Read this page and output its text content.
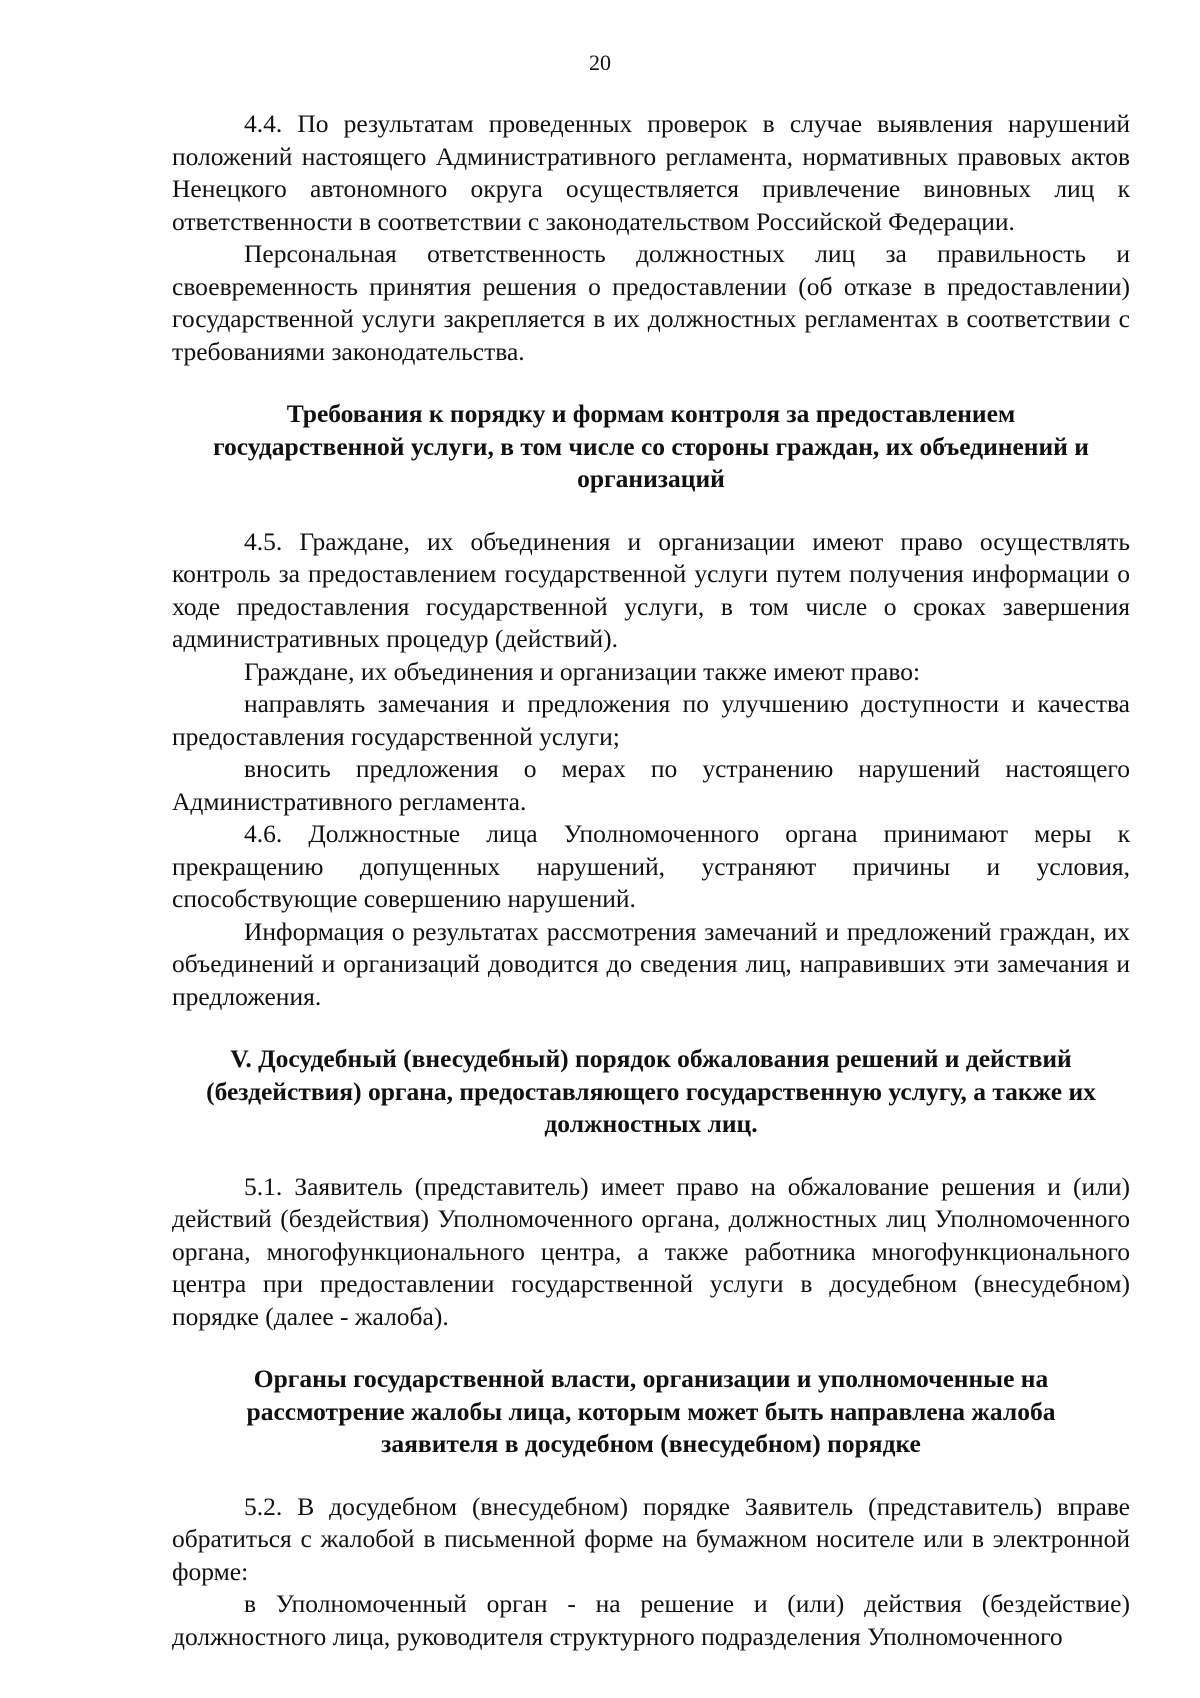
20

4.4. По результатам проведенных проверок в случае выявления нарушений положений настоящего Административного регламента, нормативных правовых актов Ненецкого автономного округа осуществляется привлечение виновных лиц к ответственности в соответствии с законодательством Российской Федерации.

Персональная ответственность должностных лиц за правильность и своевременность принятия решения о предоставлении (об отказе в предоставлении) государственной услуги закрепляется в их должностных регламентах в соответствии с требованиями законодательства.

Требования к порядку и формам контроля за предоставлением государственной услуги, в том числе со стороны граждан, их объединений и организаций

4.5. Граждане, их объединения и организации имеют право осуществлять контроль за предоставлением государственной услуги путем получения информации о ходе предоставления государственной услуги, в том числе о сроках завершения административных процедур (действий).

Граждане, их объединения и организации также имеют право:

направлять замечания и предложения по улучшению доступности и качества предоставления государственной услуги;

вносить предложения о мерах по устранению нарушений настоящего Административного регламента.

4.6. Должностные лица Уполномоченного органа принимают меры к прекращению допущенных нарушений, устраняют причины и условия, способствующие совершению нарушений.

Информация о результатах рассмотрения замечаний и предложений граждан, их объединений и организаций доводится до сведения лиц, направивших эти замечания и предложения.

V. Досудебный (внесудебный) порядок обжалования решений и действий (бездействия) органа, предоставляющего государственную услугу, а также их должностных лиц.

5.1. Заявитель (представитель) имеет право на обжалование решения и (или) действий (бездействия) Уполномоченного органа, должностных лиц Уполномоченного органа, многофункционального центра, а также работника многофункционального центра при предоставлении государственной услуги в досудебном (внесудебном) порядке (далее - жалоба).

Органы государственной власти, организации и уполномоченные на рассмотрение жалобы лица, которым может быть направлена жалоба заявителя в досудебном (внесудебном) порядке

5.2. В досудебном (внесудебном) порядке Заявитель (представитель) вправе обратиться с жалобой в письменной форме на бумажном носителе или в электронной форме:

в Уполномоченный орган - на решение и (или) действия (бездействие) должностного лица, руководителя структурного подразделения Уполномоченного
